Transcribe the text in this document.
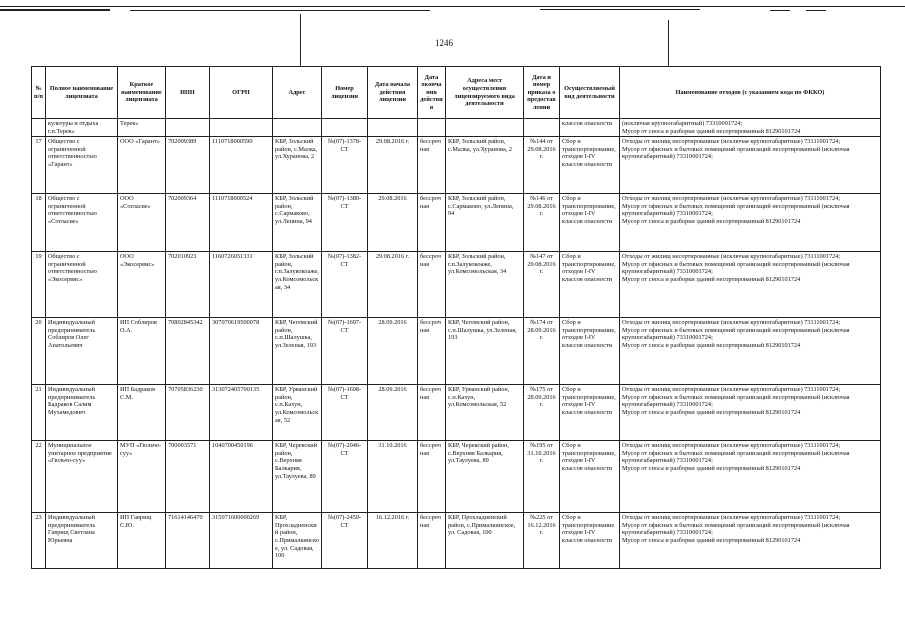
1246
№п/п	Полное наименование лицензиата	Краткое наименование лицензиата	ИНН	ОГРН	Адрес	Номер лицензии	Дата начала действия лицензии	Дата окончания действия	Адреса мест осуществления лицензируемого вида деятельности	Дата и номер приказа о предоставлении	Осуществляемый вид деятельности	Наименование отходов (с указанием кода по ФККО)
	культуры и отдыха г.п.Терек»	Терек»									классов опасности	(исключая крупногабаритный) 73310001724;
Мусор от сноса и разборки зданий несортированный 81290101724
17	Общество с ограниченной ответственностью «Гарант»	ООО «Гарант»	702009389	1110718000590	КБР, Зольский район, с.Малка, ул.Хуранова, 2	№(07)-1378-СТ	29.08.2016 г.	бессрочная	КБР, Зольский район, с.Малка, ул.Хуранова, 2	№144 от 29.08.2016 г.	Сбор и транспортирование, отходов I-IV классов опасности	Отходы от жилищ несортированные (исключая крупногабаритные) 73111001724;
Мусор от офисных и бытовых помещений организаций несортированный (исключая крупногабаритный) 73310001724;
18	Общество с ограниченной ответственностью «Согласие»	ООО «Согласие»	702009364	1110718000524	КБР, Зольский район, с.Сармаково, ул.Ленина, 94	№(07)-1380-СТ	29.08.2016	бессрочная	КБР, Зольский район, с.Сармаково, ул.Ленина, 94	№146 от 29.08.2016 г.	Сбор и транспортирование, отходов I-IV классов опасности	Отходы от жилищ несортированные (исключая крупногабаритные) 73111001724;
Мусор от офисных и бытовых помещений организаций несортированный (исключая крупногабаритный) 73310001724;
Мусор от сноса и разборки зданий несортированный 81290101724
19	Общество с ограниченной ответственностью «Экосервис»	ООО «Экосервис»	702010923	1160726051331	КБР, Зольский район, г.п.Залукокоаже, ул.Комсомольская, 34	№(07)-1382-СТ	29.08.2016 г.	бессрочная	КБР, Зольский район, г.п.Залукокоаже, ул.Комсомольская, 34	№147 от 29.08.2016 г.	Сбор и транспортирование, отходов I-IV классов опасности	Отходы от жилищ несортированные (исключая крупногабаритные) 73111001724;
Мусор от офисных и бытовых помещений организаций несортированный (исключая крупногабаритный) 73310001724;
Мусор от сноса и разборки зданий несортированный 81290101724
20	Индивидуальный предприниматель Соблиров Олег Анатольевич	ИП Соблиров О.А.	70802845342	307070619500078	КБР, Чегемский район, с.п.Шалушка, ул.Зеленая, 193	№(07)-1697-СТ	28.09.2016	бессрочная	КБР, Чегемский район, с.п.Шалушка, ул.Зеленая, 193	№174 от 28.09.2016 г.	Сбор и транспортирование, отходов I-IV классов опасности	Отходы от жилищ несортированные (исключая крупногабаритные) 73111001724;
Мусор от офисных и бытовых помещений организаций несортированный (исключая крупногабаритный) 73310001724;
Мусор от сноса и разборки зданий несортированный 81290101724
21	Индивидуальный предприниматель Бадраков Салим Мухамедович	ИП Бадраков С.М.	70705836230	313072405700135	КБР, Урванский район, с.п.Кахун, ул.Комсомольская, 52	№(07)-1698-СТ	28.09.2016	бессрочная	КБР, Урванский район, с.п.Кахун, ул.Комсомольская, 52	№175 от 28.09.2016 г.	Сбор и транспортирование, отходов I-IV классов опасности	Отходы от жилищ несортированные (исключая крупногабаритные) 73111001724;
Мусор от офисных и бытовых помещений организаций несортированный (исключая крупногабаритный) 73310001724;
Мусор от сноса и разборки зданий несортированный 81290101724
22	Муниципальное унитарное предприятие «Гюльчо-суу»	МУП «Гюльчо-суу»	700003571	1040700450196	КБР, Черекский район, с.Верхняя Балкария, ул.Таулуева, 89	№(07)-2046-СТ	31.10.2016	бессрочная	КБР, Черекский район, с.Верхняя Балкария, ул.Таулуева, 89	№195 от 31.10.2016 г.	Сбор и транспортирование, отходов I-IV классов опасности	Отходы от жилищ несортированные (исключая крупногабаритные) 73111001724;
Мусор от офисных и бытовых помещений организаций несортированный (исключая крупногабаритный) 73310001724;
Мусор от сноса и разборки зданий несортированный 81290101724
23	Индивидуальный предприниматель Гаврищ Светлана Юрьевна	ИП Гаврищ С.Ю.	71614146470	315071600000269	КБР, Прохладненский район, с.Прималкинское, ул. Садовая, 100	№(07)-2459-СТ	16.12.2016 г.	бессрочная	КБР, Прохладненский район, с.Прималкинское, ул. Садовая, 100	№225 от 16.12.2016 г.	Сбор и транспортирование отходов I-IV классов опасности	Отходы от жилищ несортированные (исключая крупногабаритные) 73111001724;
Мусор от офисных и бытовых помещений организаций несортированный (исключая крупногабаритный) 73310001724;
Мусор от сноса и разборки зданий несортированный 81290101724
